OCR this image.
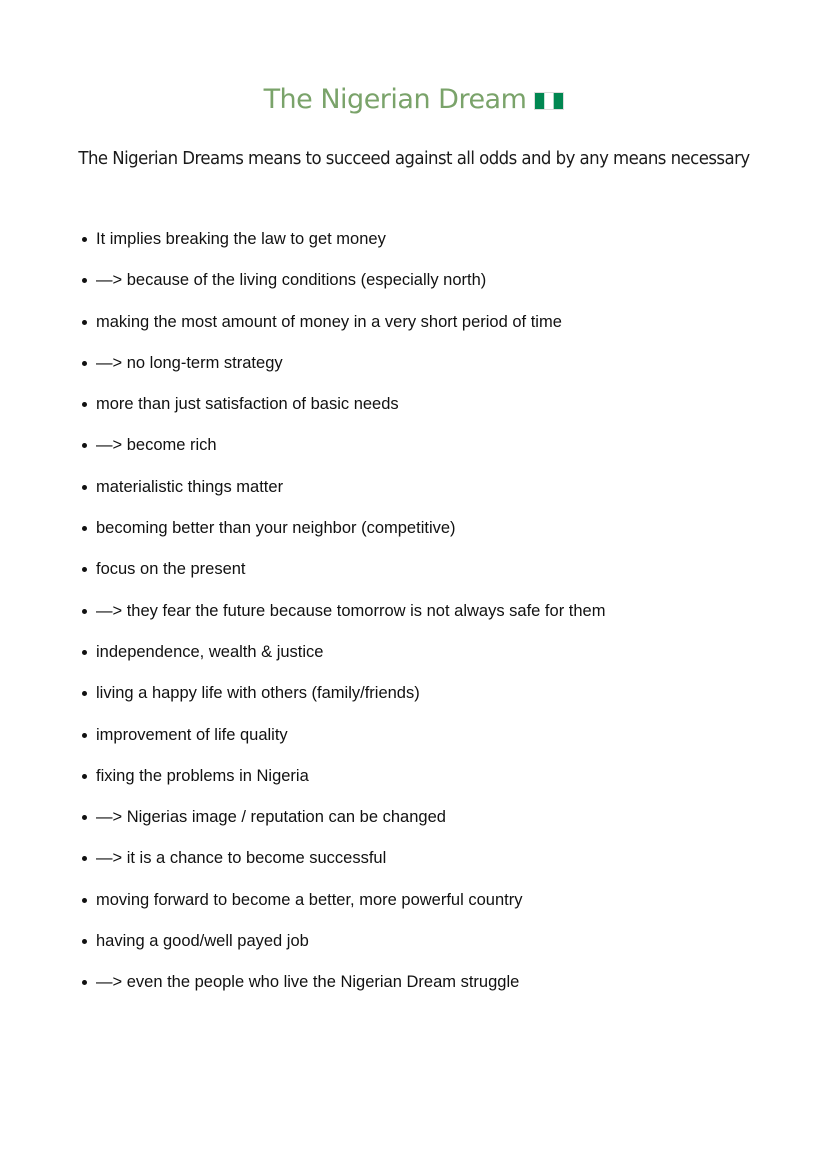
The Nigerian Dream
The Nigerian Dreams means to succeed against all odds and by any means necessary
It implies breaking the law to get money
—> because of the living conditions (especially north)
making the most amount of money in a very short period of time
—> no long-term strategy
more than just satisfaction of basic needs
—> become rich
materialistic things matter
becoming better than your neighbor (competitive)
focus on the present
—> they fear the future because tomorrow is not always safe for them
independence, wealth & justice
living a happy life with others (family/friends)
improvement of life quality
fixing the problems in Nigeria
—> Nigerias image / reputation can be changed
—> it is a chance to become successful
moving forward to become a better, more powerful country
having a good/well payed job
—> even the people who live the Nigerian Dream struggle
